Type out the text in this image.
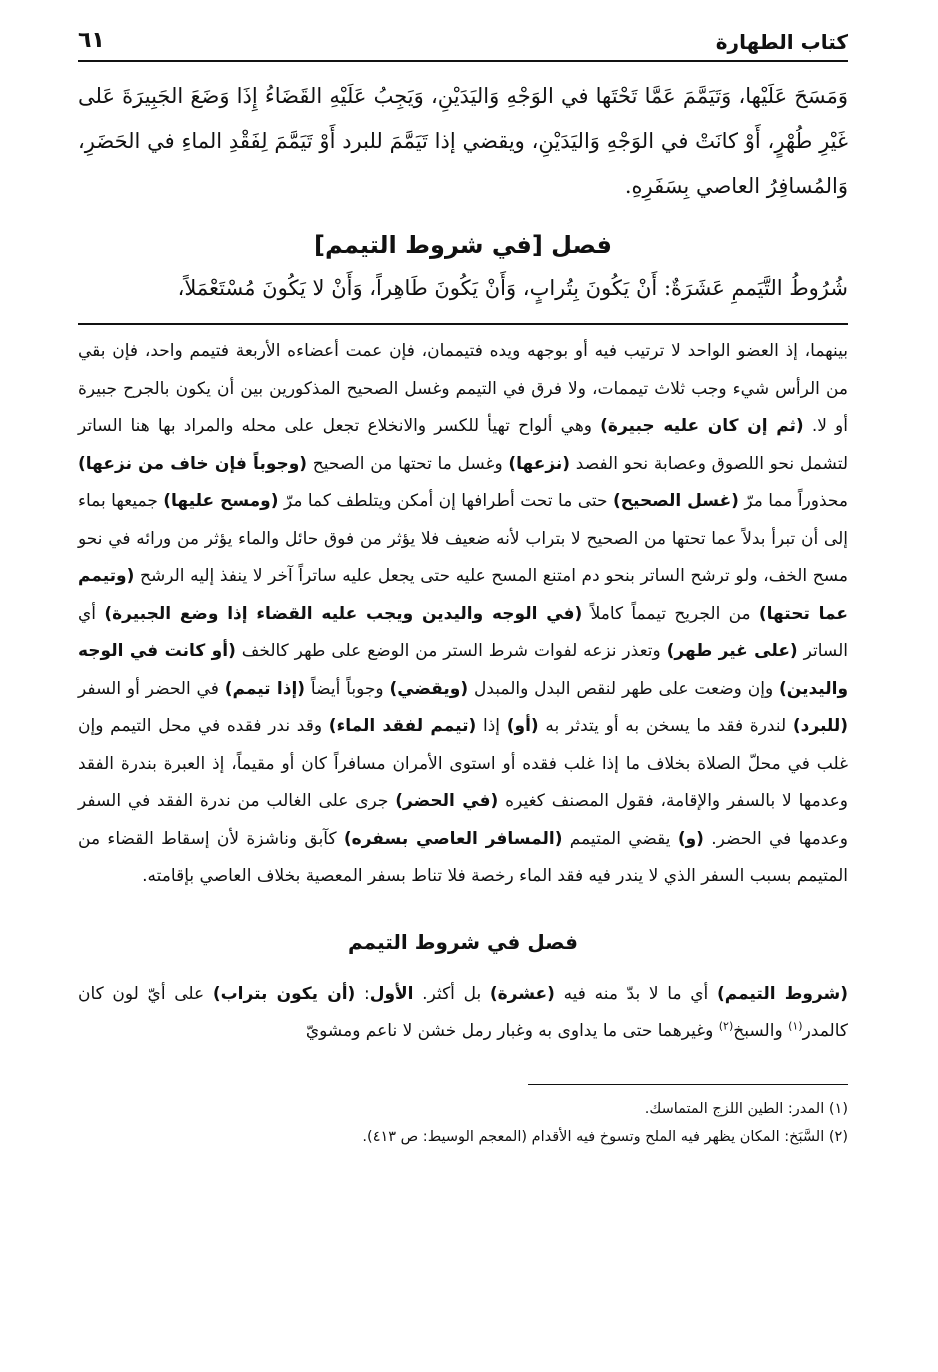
كتاب الطهارة
٦١

وَمَسَحَ عَلَيْها، وَتَيَمَّمَ عَمَّا تَحْتَها في الوَجْهِ وَاليَدَيْنِ، وَيَجِبُ عَلَيْهِ القَضَاءُ إِذَا وَضَعَ الجَبِيرَةَ عَلى غَيْرِ طُهْرٍ، أَوْ كانَتْ في الوَجْهِ وَاليَدَيْنِ، ويقضي إذا تَيَمَّمَ للبرد أَوْ تَيَمَّمَ لِفَقْدِ الماءِ في الحَضَرِ، وَالمُسافِرُ العاصي بِسَفَرِهِ.

فصل [في شروط التيمم]

شُرُوطُ التَّيَممِ عَشَرَةٌ: أَنْ يَكُونَ بِتُرابٍ، وَأَنْ يَكُونَ طَاهِراً، وَأَنْ لا يَكُونَ مُسْتَعْمَلاً،

بينهما، إذ العضو الواحد لا ترتيب فيه أو بوجهه ويده فتيممان، فإن عمت أعضاءه الأربعة فتيمم واحد، فإن بقي من الرأس شيء وجب ثلاث تيممات، ولا فرق في التيمم وغسل الصحيح المذكورين بين أن يكون بالجرح جبيرة أو لا. (ثم إن كان عليه جبيرة) وهي ألواح تهيأ للكسر والانخلاع تجعل على محله والمراد بها هنا الساتر لتشمل نحو اللصوق وعصابة نحو الفصد (نزعها) وغسل ما تحتها من الصحيح (وجوباً فإن خاف من نزعها) محذوراً مما مرّ (غسل الصحيح) حتى ما تحت أطرافها إن أمكن ويتلطف كما مرّ (ومسح عليها) جميعها بماء إلى أن تبرأ بدلاً عما تحتها من الصحيح لا بتراب لأنه ضعيف فلا يؤثر من فوق حائل والماء يؤثر من ورائه في نحو مسح الخف، ولو ترشح الساتر بنحو دم امتنع المسح عليه حتى يجعل عليه ساتراً آخر لا ينفذ إليه الرشح (وتيمم عما تحتها) من الجريح تيمماً كاملاً (في الوجه واليدين ويجب عليه القضاء إذا وضع الجبيرة) أي الساتر (على غير طهر) وتعذر نزعه لفوات شرط الستر من الوضع على طهر كالخف (أو كانت في الوجه واليدين) وإن وضعت على طهر لنقص البدل والمبدل (ويقضي) وجوباً أيضاً (إذا تيمم) في الحضر أو السفر (للبرد) لندرة فقد ما يسخن به أو يتدثر به (أو) إذا (تيمم لفقد الماء) وقد ندر فقده في محل التيمم وإن غلب في محلّ الصلاة بخلاف ما إذا غلب فقده أو استوى الأمران مسافراً كان أو مقيماً، إذ العبرة بندرة الفقد وعدمها لا بالسفر والإقامة، فقول المصنف كغيره (في الحضر) جرى على الغالب من ندرة الفقد في السفر وعدمها في الحضر. (و) يقضي المتيمم (المسافر العاصي بسفره) كآبق وناشزة لأن إسقاط القضاء من المتيمم بسبب السفر الذي لا يندر فيه فقد الماء رخصة فلا تناط بسفر المعصية بخلاف العاصي بإقامته.

فصل في شروط التيمم

(شروط التيمم) أي ما لا بدّ منه فيه (عشرة) بل أكثر. الأول: (أن يكون بتراب) على أيّ لون كان كالمدر$^{(١)}$ والسبخ$^{(٢)}$ وغيرهما حتى ما يداوى به وغبار رمل خشن لا ناعم ومشويّ

(١) المدر: الطين اللزج المتماسك.
(٢) السَّبَخ: المكان يظهر فيه الملح وتسوخ فيه الأقدام (المعجم الوسيط: ص ٤١٣).
